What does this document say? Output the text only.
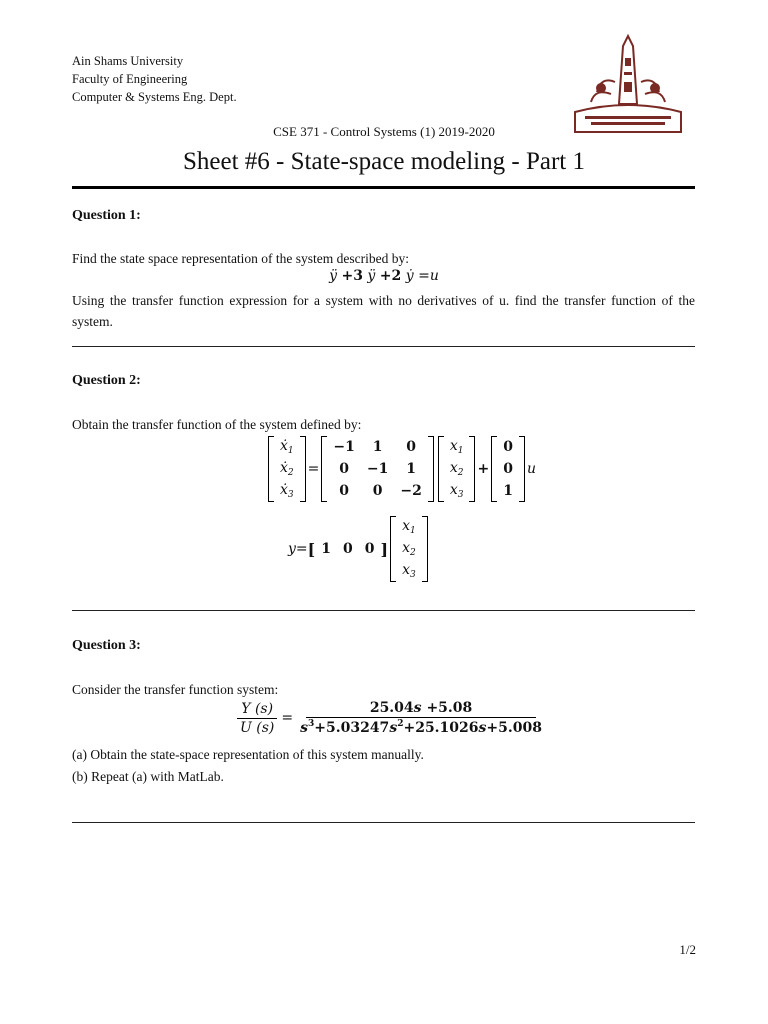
Ain Shams University
Faculty of Engineering
Computer & Systems Eng. Dept.
CSE 371 - Control Systems (1) 2019-2020
Sheet #6 - State-space modeling - Part 1
Question 1:
Find the state space representation of the system described by:
ÿ +3 ÿ +2 ẏ =u
Using the transfer function expression for a system with no derivatives of u. find the transfer function of the system.
Question 2:
Obtain the transfer function of the system defined by:
ẋ$_1$
ẋ$_2$
ẋ$_3$
=
−1	1	0
0	−1	1
0	0	−2
$x_1$
$x_2$
$x_3$
+
0
0
1
u
y = [ 1 0 0 ]
$x_1$
$x_2$
$x_3$
Question 3:
Consider the transfer function system:
$\frac{Y (s)}{U (s)} = \frac{25.04s +5.08}{s^3+5.03247s^2+25.1026s+5.008}$
(a) Obtain the state-space representation of this system manually.
(b) Repeat (a) with MatLab.
1/2
